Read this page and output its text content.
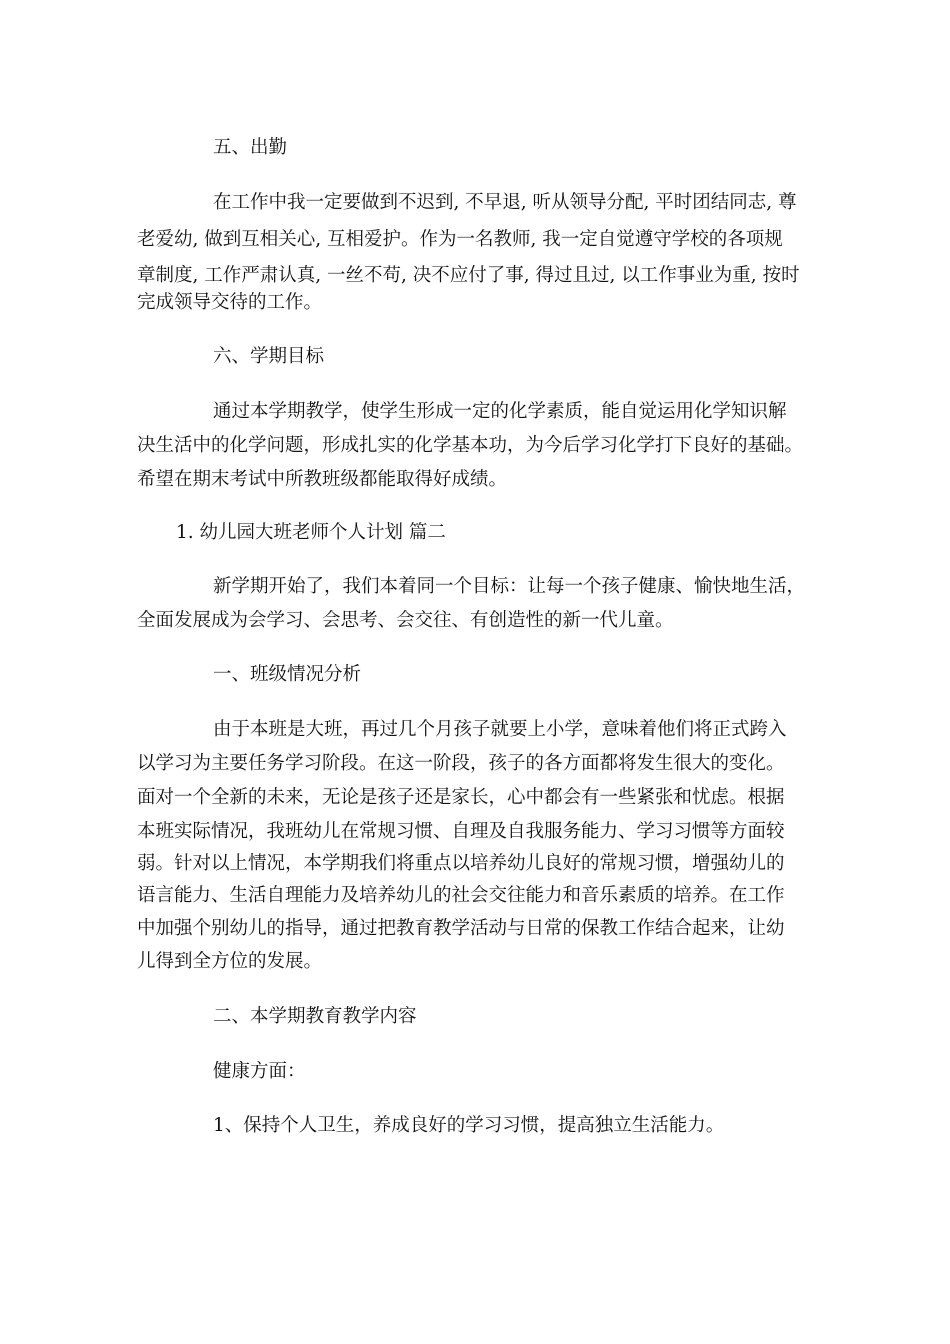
五、出勤
在工作中我一定要做到不迟到, 不早退, 听从领导分配, 平时团结同志, 尊
老爱幼, 做到互相关心, 互相爱护。作为一名教师, 我一定自觉遵守学校的各项规
章制度, 工作严肃认真, 一丝不苟, 决不应付了事, 得过且过, 以工作事业为重, 按时
完成领导交待的工作。
六、学期目标
通过本学期教学，使学生形成一定的化学素质，能自觉运用化学知识解
决生活中的化学问题，形成扎实的化学基本功，为今后学习化学打下良好的基础。
希望在期末考试中所教班级都能取得好成绩。
1. 幼儿园大班老师个人计划 篇二
新学期开始了，我们本着同一个目标：让每一个孩子健康、愉快地生活，
全面发展成为会学习、会思考、会交往、有创造性的新一代儿童。
一、班级情况分析
由于本班是大班，再过几个月孩子就要上小学，意味着他们将正式跨入
以学习为主要任务学习阶段。在这一阶段，孩子的各方面都将发生很大的变化。
面对一个全新的未来，无论是孩子还是家长，心中都会有一些紧张和忧虑。根据
本班实际情况，我班幼儿在常规习惯、自理及自我服务能力、学习习惯等方面较
弱。针对以上情况，本学期我们将重点以培养幼儿良好的常规习惯，增强幼儿的
语言能力、生活自理能力及培养幼儿的社会交往能力和音乐素质的培养。在工作
中加强个别幼儿的指导，通过把教育教学活动与日常的保教工作结合起来，让幼
儿得到全方位的发展。
二、本学期教育教学内容
健康方面：
1、保持个人卫生，养成良好的学习习惯，提高独立生活能力。
